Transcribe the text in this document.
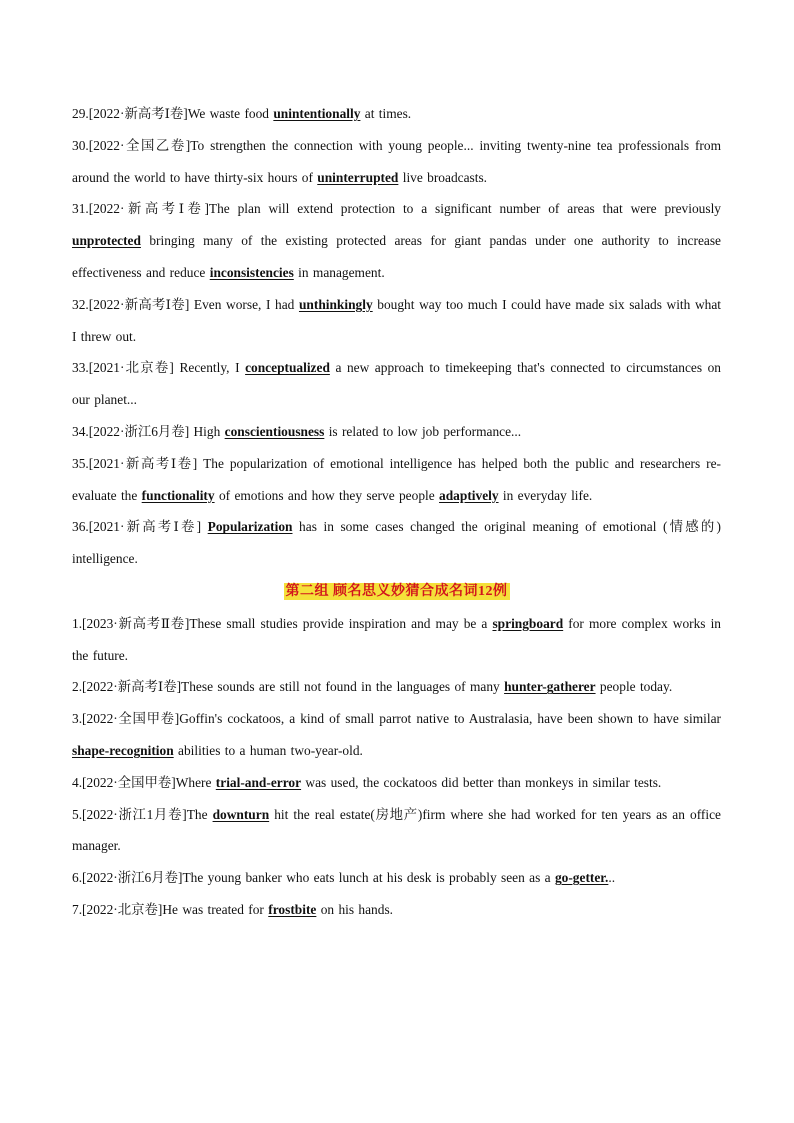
29.[2022·新高考Ⅰ卷]We waste food unintentionally at times.

30.[2022·全国乙卷]To strengthen the connection with young people... inviting twenty-nine tea professionals from around the world to have thirty-six hours of uninterrupted live broadcasts.

31.[2022·新高考Ⅰ卷]The plan will extend protection to a significant number of areas that were previously unprotected bringing many of the existing protected areas for giant pandas under one authority to increase effectiveness and reduce inconsistencies in management.

32.[2022·新高考Ⅰ卷] Even worse, I had unthinkingly bought way too much I could have made six salads with what I threw out.

33.[2021·北京卷] Recently, I conceptualized a new approach to timekeeping that's connected to circumstances on our planet...

34.[2022·浙江6月卷] High conscientiousness is related to low job performance...

35.[2021·新高考Ⅰ卷] The popularization of emotional intelligence has helped both the public and researchers re-evaluate the functionality of emotions and how they serve people adaptively in everyday life.

36.[2021·新高考Ⅰ卷] Popularization has in some cases changed the original meaning of emotional (情感的) intelligence.

第二组 顾名思义妙猜合成名词12例

1.[2023·新高考Ⅱ卷]These small studies provide inspiration and may be a springboard for more complex works in the future.

2.[2022·新高考Ⅰ卷]These sounds are still not found in the languages of many hunter-gatherer people today.

3.[2022·全国甲卷]Goffin's cockatoos, a kind of small parrot native to Australasia, have been shown to have similar shape-recognition abilities to a human two-year-old.

4.[2022·全国甲卷]Where trial-and-error was used, the cockatoos did better than monkeys in similar tests.

5.[2022·浙江1月卷]The downturn hit the real estate(房地产)firm where she had worked for ten years as an office manager.

6.[2022·浙江6月卷]The young banker who eats lunch at his desk is probably seen as a go-getter...

7.[2022·北京卷]He was treated for frostbite on his hands.
